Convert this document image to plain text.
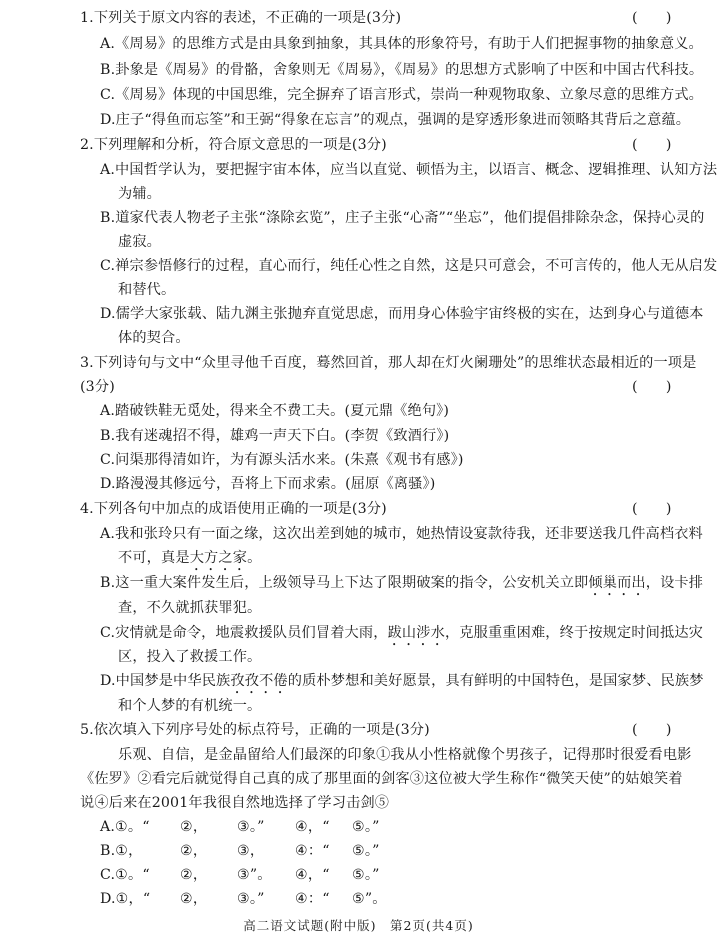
1.下列关于原文内容的表述，不正确的一项是(3分)	(　　)
A.《周易》的思维方式是由具象到抽象，其具体的形象符号，有助于人们把握事物的抽象意义。
B.卦象是《周易》的骨骼，舍象则无《周易》，《周易》的思想方式影响了中医和中国古代科技。
C.《周易》体现的中国思维，完全摒弃了语言形式，崇尚一种观物取象、立象尽意的思维方式。
D.庄子“得鱼而忘筌”和王弼“得象在忘言”的观点，强调的是穿透形象进而领略其背后之意蕴。
2.下列理解和分析，符合原文意思的一项是(3分)	(　　)
A.中国哲学认为，要把握宇宙本体，应当以直觉、顿悟为主，以语言、概念、逻辑推理、认知方法
为辅。
B.道家代表人物老子主张“涤除玄览”，庄子主张“心斋”“坐忘”，他们提倡排除杂念，保持心灵的
虚寂。
C.禅宗参悟修行的过程，直心而行，纯任心性之自然，这是只可意会，不可言传的，他人无从启发
和替代。
D.儒学大家张载、陆九渊主张抛弃直觉思虑，而用身心体验宇宙终极的实在，达到身心与道德本
体的契合。
3.下列诗句与文中“众里寻他千百度，蓦然回首，那人却在灯火阑珊处”的思维状态最相近的一项是
(3分)	(　　)
A.踏破铁鞋无觅处，得来全不费工夫。(夏元鼎《绝句》)
B.我有迷魂招不得，雄鸡一声天下白。(李贺《致酒行》)
C.问渠那得清如许，为有源头活水来。(朱熹《观书有感》)
D.路漫漫其修远兮，吾将上下而求索。(屈原《离骚》)
4.下列各句中加点的成语使用正确的一项是(3分)	(　　)
A.我和张玲只有一面之缘，这次出差到她的城市，她热情设宴款待我，还非要送我几件高档衣料
不可，真是大方之家。
B.这一重大案件发生后，上级领导马上下达了限期破案的指令，公安机关立即倾巢而出，设卡排
查，不久就抓获罪犯。
C.灾情就是命令，地震救援队员们冒着大雨，跋山涉水，克服重重困难，终于按规定时间抵达灾
区，投入了救援工作。
D.中国梦是中华民族孜孜不倦的质朴梦想和美好愿景，具有鲜明的中国特色，是国家梦、民族梦
和个人梦的有机统一。
5.依次填入下列序号处的标点符号，正确的一项是(3分)	(　　)
乐观、自信，是金晶留给人们最深的印象①我从小性格就像个男孩子，记得那时很爱看电影
《佐罗》②看完后就觉得自己真的成了那里面的剑客③这位被大学生称作“微笑天使”的姑娘笑着
说④后来在2001年我很自然地选择了学习击剑⑤
A.①。“ ②， ③。” ④，“ ⑤。”
B.①，	②， ③， ④：“ ⑤。”
C.①。“ ②， ③”。 ④，“ ⑤。”
D.①，“ ②， ③。” ④：“ ⑤”。
高二语文试题(附中版)　第2页(共4页)
